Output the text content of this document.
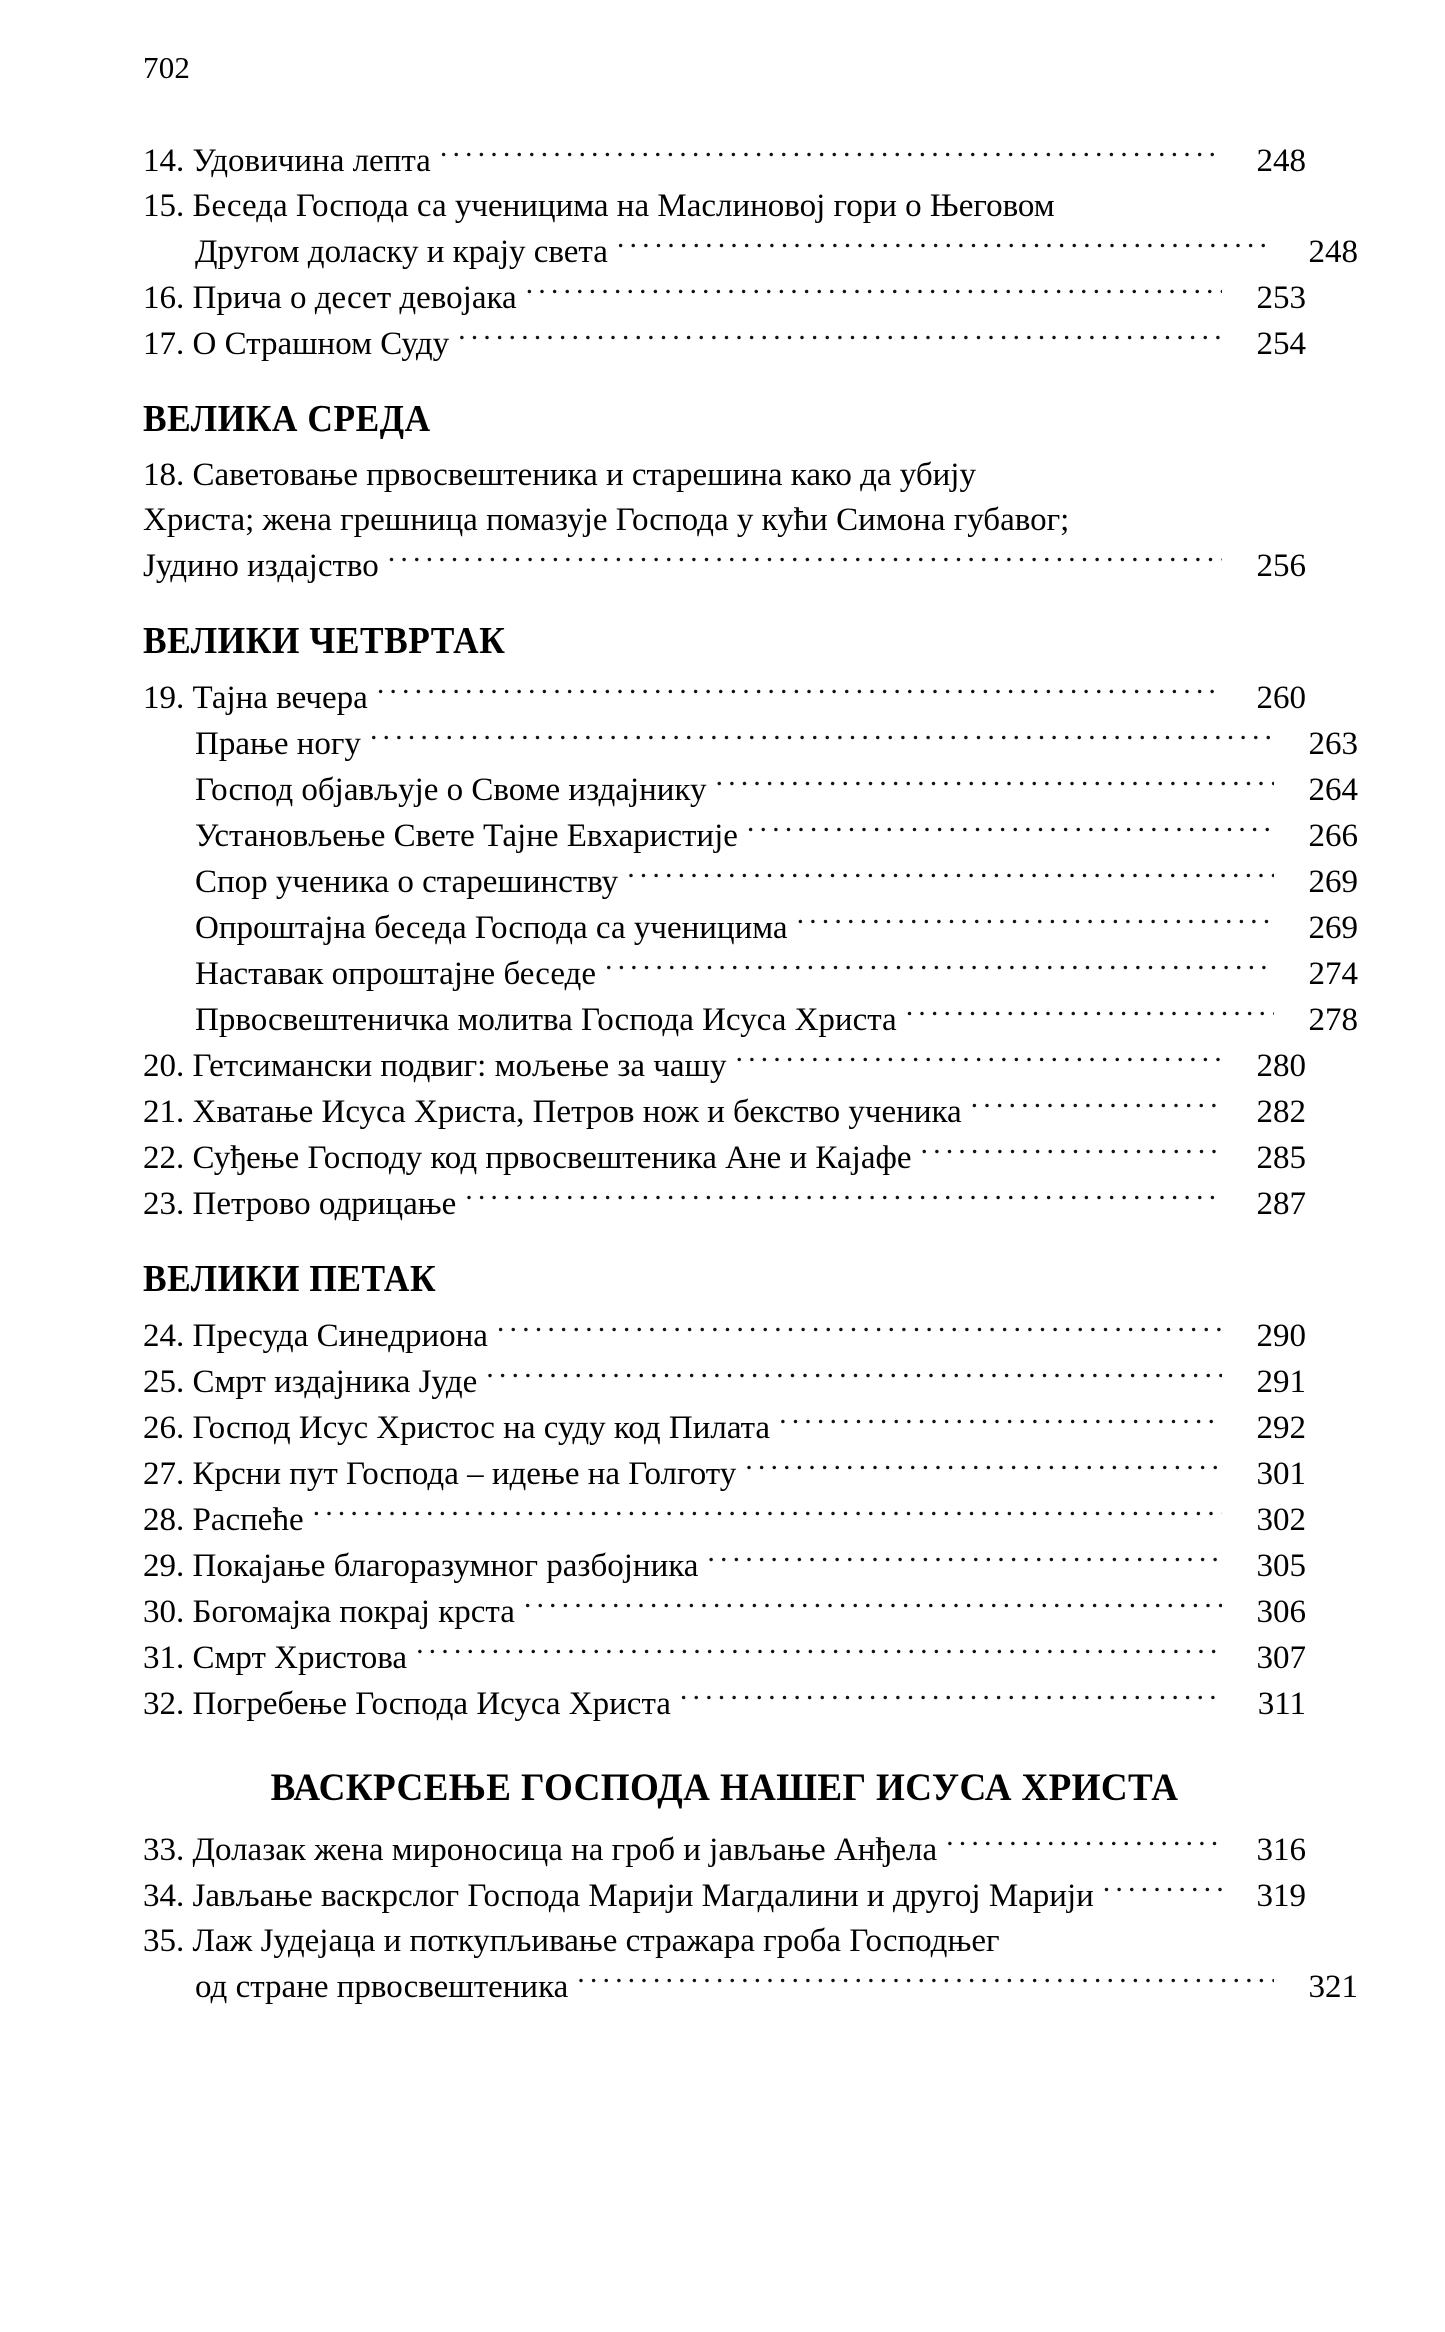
702
14. Удовичина лепта . . .	248
15. Беседа Господа са ученицима на Маслиновој гори о Његовом
Другом доласку и крају света . . .	248
16. Прича о десет девојака . . .	253
17. О Страшном Суду . . .	254
ВЕЛИКА СРЕДА
18. Саветовање првосвештеника и старешина како да убију
Христа; жена грешница помазује Господа у кући Симона губавог;
Јудино издајство . . .	256
ВЕЛИКИ ЧЕТВРТАК
19. Тајна вечера . . .	260
Прање ногу . . .	263
Господ објављује о Своме издајнику . . .	264
Установљење Свете Тајне Евхаристије . . .	266
Спор ученика о старешинству . . .	269
Опроштајна беседа Господа са ученицима . . .	269
Наставак опроштајне беседе . . .	274
Првосвештеничка молитва Господа Исуса Христа . . .	278
20. Гетсимански подвиг: мољење за чашу . . .	280
21. Хватање Исуса Христа, Петров нож и бекство ученика . . .	282
22. Суђење Господу код првосвештеника Ане и Кајафе . . .	285
23. Петрово одрицање . . .	287
ВЕЛИКИ ПЕТАК
24. Пресуда Синедриона . . .	290
25. Смрт издајника Јуде . . .	291
26. Господ Исус Христос на суду код Пилата . . .	292
27. Крсни пут Господа – идење на Голготу . . .	301
28. Распеће . . .	302
29. Покајање благоразумног разбојника . . .	305
30. Богомајка покрај крста . . .	306
31. Смрт Христова . . .	307
32. Погребење Господа Исуса Христа . . .	311
ВАСКРСЕЊЕ ГОСПОДА НАШЕГ ИСУСА ХРИСТА
33. Долазак жена мироносица на гроб и јављање Анђела . . .	316
34. Јављање васкрслог Господа Марији Магдалини и другој Марији . . .	319
35. Лаж Јудејаца и поткупљивање стражара гроба Господњег
од стране првосвештеника . . .	321
